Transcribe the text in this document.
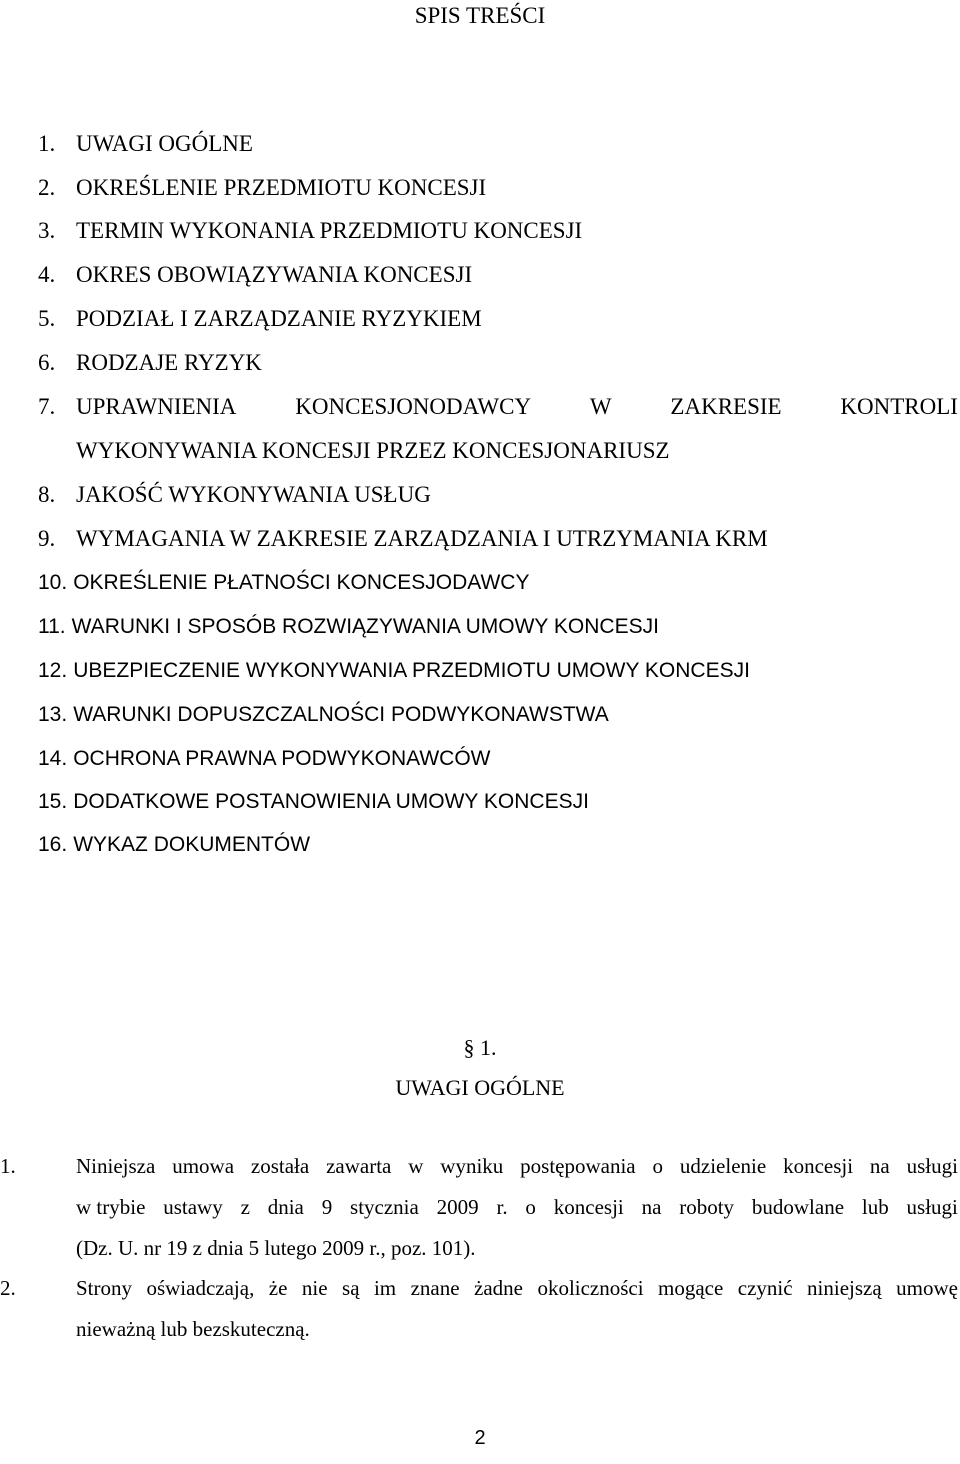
SPIS TREŚCI
1. UWAGI OGÓLNE
2. OKREŚLENIE PRZEDMIOTU KONCESJI
3. TERMIN WYKONANIA PRZEDMIOTU KONCESJI
4. OKRES OBOWIĄZYWANIA KONCESJI
5. PODZIAŁ I ZARZĄDZANIE RYZYKIEM
6. RODZAJE RYZYK
7. UPRAWNIENIA	KONCESJONODAWCY	W	ZAKRESIE	KONTROLI
WYKONYWANIA KONCESJI PRZEZ KONCESJONARIUSZ
8. JAKOŚĆ WYKONYWANIA USŁUG
9. WYMAGANIA W ZAKRESIE ZARZĄDZANIA I UTRZYMANIA KRM
10. OKREŚLENIE PŁATNOŚCI KONCESJODAWCY
11. WARUNKI I SPOSÓB ROZWIĄZYWANIA UMOWY KONCESJI
12. UBEZPIECZENIE WYKONYWANIA PRZEDMIOTU UMOWY KONCESJI
13. WARUNKI DOPUSZCZALNOŚCI PODWYKONAWSTWA
14. OCHRONA PRAWNA PODWYKONAWCÓW
15. DODATKOWE POSTANOWIENIA UMOWY KONCESJI
16. WYKAZ DOKUMENTÓW
§ 1.
UWAGI OGÓLNE
1.	Niniejsza umowa została zawarta w wyniku postępowania o udzielenie koncesji na usługi
w trybie ustawy z dnia 9 stycznia 2009 r. o koncesji na roboty budowlane lub usługi
(Dz. U. nr 19 z dnia 5 lutego 2009 r., poz. 101).
2.	Strony oświadczają, że nie są im znane żadne okoliczności mogące czynić niniejszą umowę
nieważną lub bezskuteczną.
2
